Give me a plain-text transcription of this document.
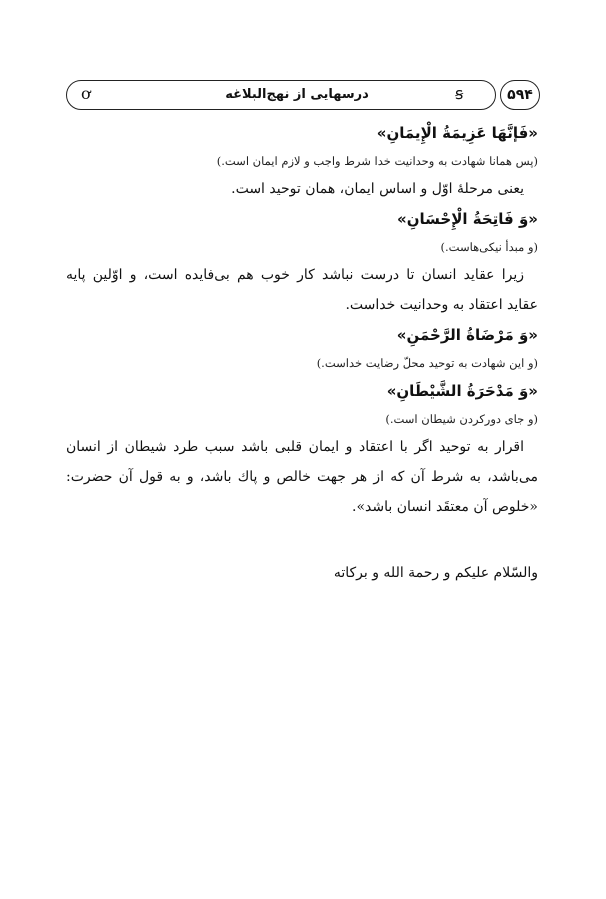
ơ	درسهایی از نهج‌البلاغه	ꞩ	۵۹۴
«فَإنَّهَا عَزِيمَةُ الْإِيمَانِ»
(پس همانا شهادت به وحدانیت خدا شرط واجب و لازم ایمان است.)
یعنی مرحلهٔ اوّل و اساس ایمان، همان توحید است.
«وَ فَاتِحَةُ الْإِحْسَانِ»
(و مبدأ نیکی‌هاست.)
زیرا عقاید انسان تا درست نباشد کار خوب هم بی‌فایده است، و اوّلین پایه
عقاید اعتقاد به وحدانیت خداست.
«وَ مَرْضَاةُ الرَّحْمَنِ»
(و این شهادت به توحید محلّ رضایت خداست.)
«وَ مَدْحَرَةُ الشَّيْطَانِ»
(و جای دورکردن شیطان است.)
اقرار به توحید اگر با اعتقاد و ایمان قلبی باشد سبب طرد شیطان از انسان
می‌باشد، به شرط آن که از هر جهت خالص و پاك باشد، و به قول آن حضرت:
«خلوص آن معتقَد انسان باشد».
والسّلام علیکم و رحمة الله و برکاته
